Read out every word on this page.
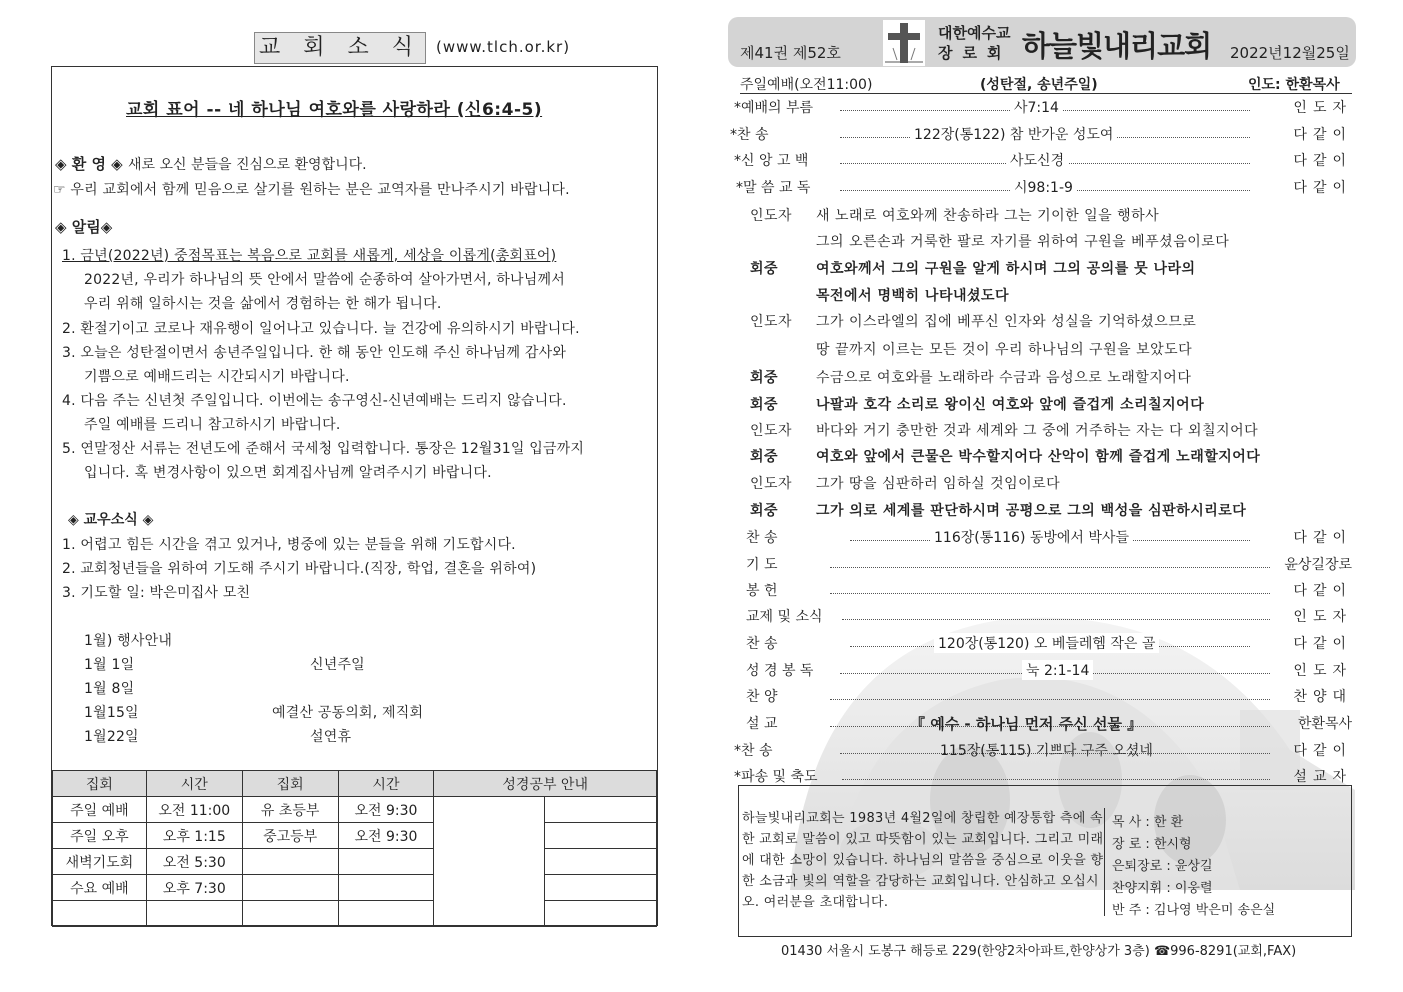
교 회 소 식	(www.tlch.or.kr)
교회 표어 -- 네 하나님 여호와를 사랑하라 (신6:4-5)
◈ 환 영 ◈ 새로 오신 분들을 진심으로 환영합니다.
☞ 우리 교회에서 함께 믿음으로 살기를 원하는 분은 교역자를 만나주시기 바랍니다.
◈ 알림◈
1. 금년(2022년) 중점목표는 복음으로 교회를 새롭게, 세상을 이롭게(총회표어)
2022년, 우리가 하나님의 뜻 안에서 말씀에 순종하여 살아가면서, 하나님께서
우리 위해 일하시는 것을 삶에서 경험하는 한 해가 됩니다.
2. 환절기이고 코로나 재유행이 일어나고 있습니다. 늘 건강에 유의하시기 바랍니다.
3. 오늘은 성탄절이면서 송년주일입니다. 한 해 동안 인도해 주신 하나님께 감사와
기쁨으로 예배드리는 시간되시기 바랍니다.
4. 다음 주는 신년첫 주일입니다. 이번에는 송구영신-신년예배는 드리지 않습니다.
주일 예배를 드리니 참고하시기 바랍니다.
5. 연말정산 서류는 전년도에 준해서 국세청 입력합니다. 통장은 12월31일 입금까지
입니다. 혹 변경사항이 있으면 회계집사님께 알려주시기 바랍니다.
◈ 교우소식 ◈
1. 어렵고 힘든 시간을 겪고 있거나, 병중에 있는 분들을 위해 기도합시다.
2. 교회청년들을 위하여 기도해 주시기 바랍니다.(직장, 학업, 결혼을 위하여)
3. 기도할 일: 박은미집사 모친
1월) 행사안내
1월 1일	신년주일
1월 8일
1월15일	예결산 공동의회, 제직회
1월22일	설연휴
집회	시간	집회	시간	성경공부 안내	
주일 예배	오전 11:00	유 초등부	오전 9:30		
주일 오후	오후 1:15	중고등부	오전 9:30		
새벽기도회	오전 5:30				
수요 예배	오후 7:30				

제41권 제52호
대한예수교
장로회 하늘빛내리교회 2022년12월25일
주일예배(오전11:00)	(성탄절, 송년주일)	인도: 한환목사
*예배의 부름	사7:14	인도자
*찬 송	122장(통122) 참 반가운 성도여	다같이
*신 앙 고 백	사도신경	다같이
*말 씀 교 독	시98:1-9	다같이
인도자 새 노래로 여호와께 찬송하라 그는 기이한 일을 행하사
그의 오른손과 거룩한 팔로 자기를 위하여 구원을 베푸셨음이로다
회중	여호와께서 그의 구원을 알게 하시며 그의 공의를 뭇 나라의
목전에서 명백히 나타내셨도다
인도자 그가 이스라엘의 집에 베푸신 인자와 성실을 기억하셨으므로
땅 끝까지 이르는 모든 것이 우리 하나님의 구원을 보았도다
회중	수금으로 여호와를 노래하라 수금과 음성으로 노래할지어다
회중	나팔과 호각 소리로 왕이신 여호와 앞에 즐겁게 소리칠지어다
인도자 바다와 거기 충만한 것과 세계와 그 중에 거주하는 자는 다 외칠지어다
회중	여호와 앞에서 큰물은 박수할지어다 산악이 함께 즐겁게 노래할지어다
인도자 그가 땅을 심판하러 임하실 것임이로다
회중	그가 의로 세계를 판단하시며 공평으로 그의 백성을 심판하시리로다
찬 송	116장(통116) 동방에서 박사들	다같이
기 도	윤상길장로
봉 헌	다같이
교제 및 소식	인도자
찬 송	120장(통120) 오 베들레헴 작은 골	다같이
성 경 봉 독	눅 2:1-14	인도자
찬 양	찬양대
설 교	『 예수 - 하나님 먼저 주신 선물 』	한환목사
*찬 송	115장(통115) 기쁘다 구주 오셨네	다같이
*파송 및 축도	설교자
하늘빛내리교회는 1983년 4월2일에 창립한 예장통합 측에 속한 교회로 말씀이 있고 따뜻함이 있는 교회입니다. 그리고 미래에 대한 소망이 있습니다. 하나님의 말씀을 중심으로 이웃을 향한 소금과 빛의 역할을 감당하는 교회입니다. 안심하고 오십시오. 여러분을 초대합니다.
목 사 : 한 환
장 로 : 한시형
은퇴장로 : 윤상길
찬양지휘 : 이웅렬
반 주 : 김나영 박은미 송은실
01430 서울시 도봉구 해등로 229(한양2차아파트,한양상가 3층) ☎996-8291(교회,FAX)
